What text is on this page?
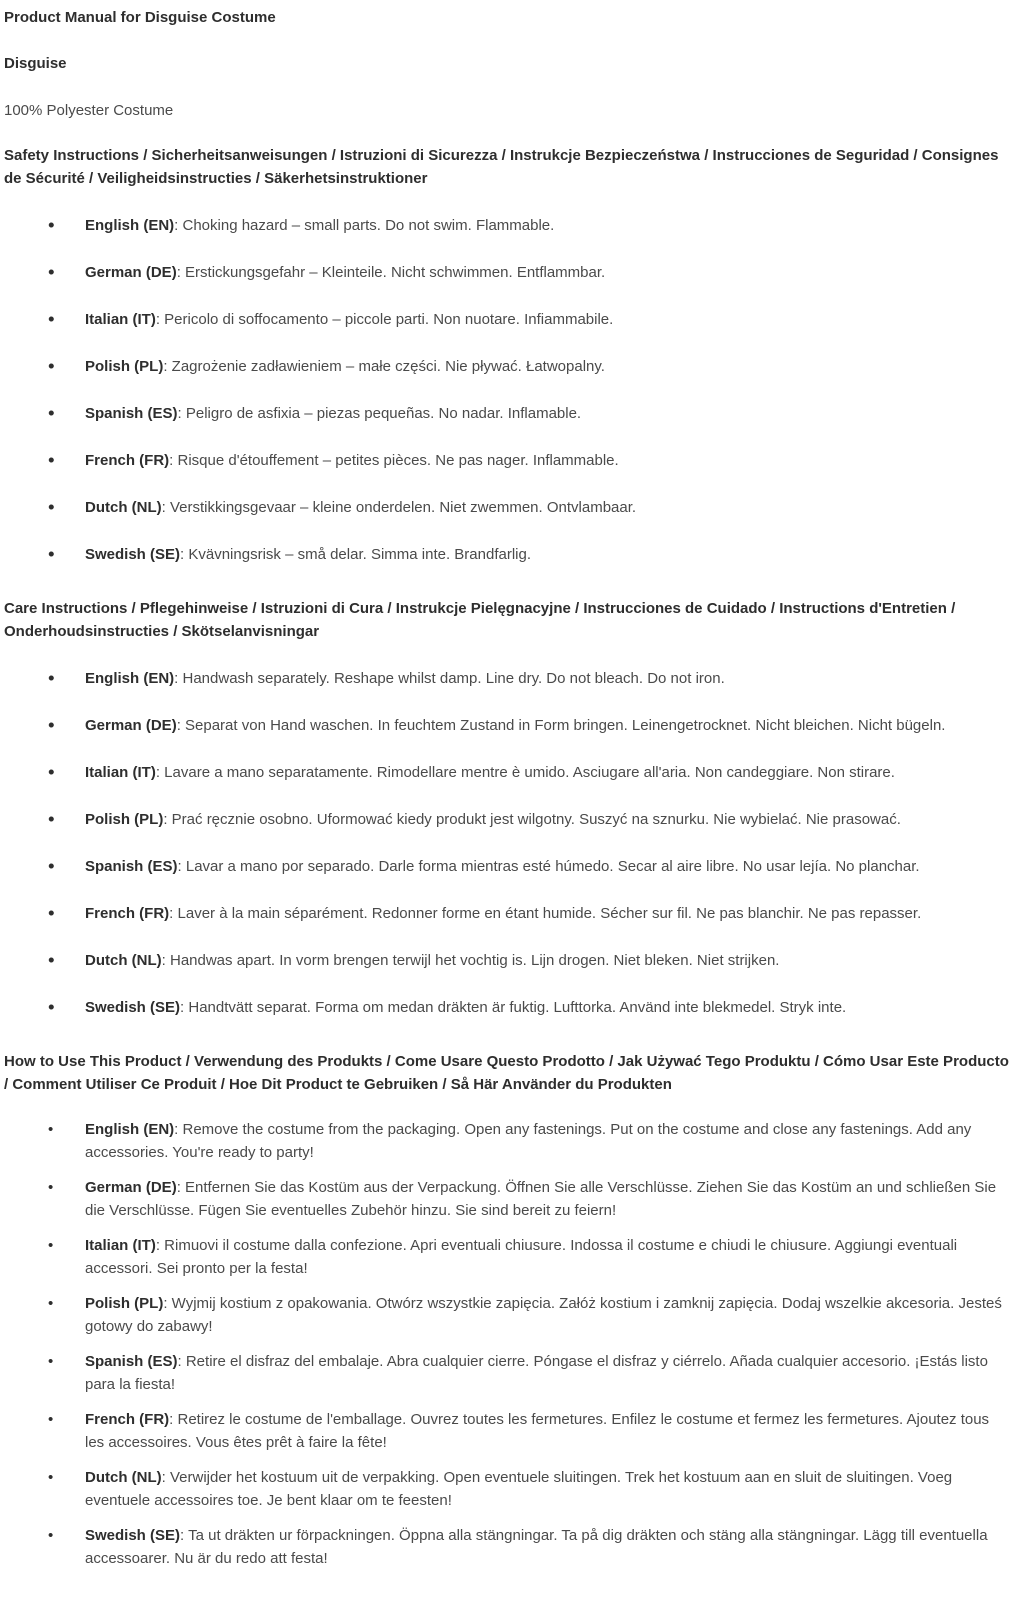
Product Manual for Disguise Costume

Disguise

100% Polyester Costume

Safety Instructions / Sicherheitsanweisungen / Istruzioni di Sicurezza / Instrukcje Bezpieczeństwa / Instrucciones de Seguridad / Consignes de Sécurité / Veiligheidsinstructies / Säkerhetsinstruktioner
• English (EN): Choking hazard – small parts. Do not swim. Flammable.
• German (DE): Erstickungsgefahr – Kleinteile. Nicht schwimmen. Entflammbar.
• Italian (IT): Pericolo di soffocamento – piccole parti. Non nuotare. Infiammabile.
• Polish (PL): Zagrożenie zadławieniem – małe części. Nie pływać. Łatwopalny.
• Spanish (ES): Peligro de asfixia – piezas pequeñas. No nadar. Inflamable.
• French (FR): Risque d'étouffement – petites pièces. Ne pas nager. Inflammable.
• Dutch (NL): Verstikkingsgevaar – kleine onderdelen. Niet zwemmen. Ontvlambaar.
• Swedish (SE): Kvävningsrisk – små delar. Simma inte. Brandfarlig.
Care Instructions / Pflegehinweise / Istruzioni di Cura / Instrukcje Pielęgnacyjne / Instrucciones de Cuidado / Instructions d'Entretien / Onderhoudsinstructies / Skötselanvisningar
• English (EN): Handwash separately. Reshape whilst damp. Line dry. Do not bleach. Do not iron.
• German (DE): Separat von Hand waschen. In feuchtem Zustand in Form bringen. Leinengetrocknet. Nicht bleichen. Nicht bügeln.
• Italian (IT): Lavare a mano separatamente. Rimodellare mentre è umido. Asciugare all'aria. Non candeggiare. Non stirare.
• Polish (PL): Prać ręcznie osobno. Uformować kiedy produkt jest wilgotny. Suszyć na sznurku. Nie wybielać. Nie prasować.
• Spanish (ES): Lavar a mano por separado. Darle forma mientras esté húmedo. Secar al aire libre. No usar lejía. No planchar.
• French (FR): Laver à la main séparément. Redonner forme en étant humide. Sécher sur fil. Ne pas blanchir. Ne pas repasser.
• Dutch (NL): Handwas apart. In vorm brengen terwijl het vochtig is. Lijn drogen. Niet bleken. Niet strijken.
• Swedish (SE): Handtvätt separat. Forma om medan dräkten är fuktig. Lufttorka. Använd inte blekmedel. Stryk inte.
How to Use This Product / Verwendung des Produkts / Come Usare Questo Prodotto / Jak Używać Tego Produktu / Cómo Usar Este Producto / Comment Utiliser Ce Produit / Hoe Dit Product te Gebruiken / Så Här Använder du Produkten
• English (EN): Remove the costume from the packaging. Open any fastenings. Put on the costume and close any fastenings. Add any accessories. You're ready to party!
• German (DE): Entfernen Sie das Kostüm aus der Verpackung. Öffnen Sie alle Verschlüsse. Ziehen Sie das Kostüm an und schließen Sie die Verschlüsse. Fügen Sie eventuelles Zubehör hinzu. Sie sind bereit zu feiern!
• Italian (IT): Rimuovi il costume dalla confezione. Apri eventuali chiusure. Indossa il costume e chiudi le chiusure. Aggiungi eventuali accessori. Sei pronto per la festa!
• Polish (PL): Wyjmij kostium z opakowania. Otwórz wszystkie zapięcia. Załóż kostium i zamknij zapięcia. Dodaj wszelkie akcesoria. Jesteś gotowy do zabawy!
• Spanish (ES): Retire el disfraz del embalaje. Abra cualquier cierre. Póngase el disfraz y ciérrelo. Añada cualquier accesorio. ¡Estás listo para la fiesta!
• French (FR): Retirez le costume de l'emballage. Ouvrez toutes les fermetures. Enfilez le costume et fermez les fermetures. Ajoutez tous les accessoires. Vous êtes prêt à faire la fête!
• Dutch (NL): Verwijder het kostuum uit de verpakking. Open eventuele sluitingen. Trek het kostuum aan en sluit de sluitingen. Voeg eventuele accessoires toe. Je bent klaar om te feesten!
• Swedish (SE): Ta ut dräkten ur förpackningen. Öppna alla stängningar. Ta på dig dräkten och stäng alla stängningar. Lägg till eventuella accessoarer. Nu är du redo att festa!
